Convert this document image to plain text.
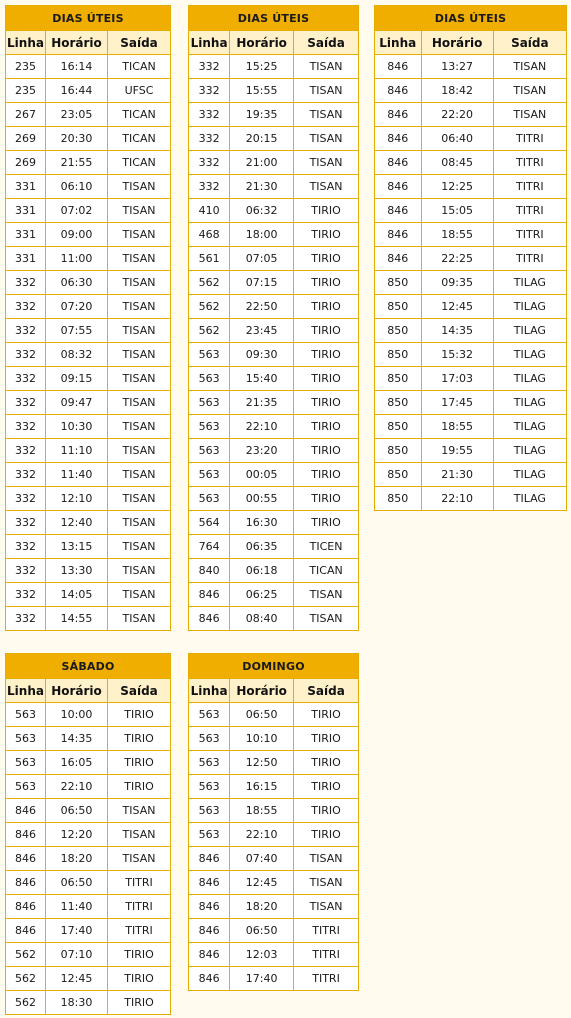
DIAS ÚTEIS		
Linha	Horário	Saída
235	16:14	TICAN
235	16:44	UFSC
267	23:05	TICAN
269	20:30	TICAN
269	21:55	TICAN
331	06:10	TISAN
331	07:02	TISAN
331	09:00	TISAN
331	11:00	TISAN
332	06:30	TISAN
332	07:20	TISAN
332	07:55	TISAN
332	08:32	TISAN
332	09:15	TISAN
332	09:47	TISAN
332	10:30	TISAN
332	11:10	TISAN
332	11:40	TISAN
332	12:10	TISAN
332	12:40	TISAN
332	13:15	TISAN
332	13:30	TISAN
332	14:05	TISAN
332	14:55	TISAN
DIAS ÚTEIS		
Linha	Horário	Saída
332	15:25	TISAN
332	15:55	TISAN
332	19:35	TISAN
332	20:15	TISAN
332	21:00	TISAN
332	21:30	TISAN
410	06:32	TIRIO
468	18:00	TIRIO
561	07:05	TIRIO
562	07:15	TIRIO
562	22:50	TIRIO
562	23:45	TIRIO
563	09:30	TIRIO
563	15:40	TIRIO
563	21:35	TIRIO
563	22:10	TIRIO
563	23:20	TIRIO
563	00:05	TIRIO
563	00:55	TIRIO
564	16:30	TIRIO
764	06:35	TICEN
840	06:18	TICAN
846	06:25	TISAN
846	08:40	TISAN
DIAS ÚTEIS		
Linha	Horário	Saída
846	13:27	TISAN
846	18:42	TISAN
846	22:20	TISAN
846	06:40	TITRI
846	08:45	TITRI
846	12:25	TITRI
846	15:05	TITRI
846	18:55	TITRI
846	22:25	TITRI
850	09:35	TILAG
850	12:45	TILAG
850	14:35	TILAG
850	15:32	TILAG
850	17:03	TILAG
850	17:45	TILAG
850	18:55	TILAG
850	19:55	TILAG
850	21:30	TILAG
850	22:10	TILAG
SÁBADO		
Linha	Horário	Saída
563	10:00	TIRIO
563	14:35	TIRIO
563	16:05	TIRIO
563	22:10	TIRIO
846	06:50	TISAN
846	12:20	TISAN
846	18:20	TISAN
846	06:50	TITRI
846	11:40	TITRI
846	17:40	TITRI
562	07:10	TIRIO
562	12:45	TIRIO
562	18:30	TIRIO
DOMINGO		
Linha	Horário	Saída
563	06:50	TIRIO
563	10:10	TIRIO
563	12:50	TIRIO
563	16:15	TIRIO
563	18:55	TIRIO
563	22:10	TIRIO
846	07:40	TISAN
846	12:45	TISAN
846	18:20	TISAN
846	06:50	TITRI
846	12:03	TITRI
846	17:40	TITRI
